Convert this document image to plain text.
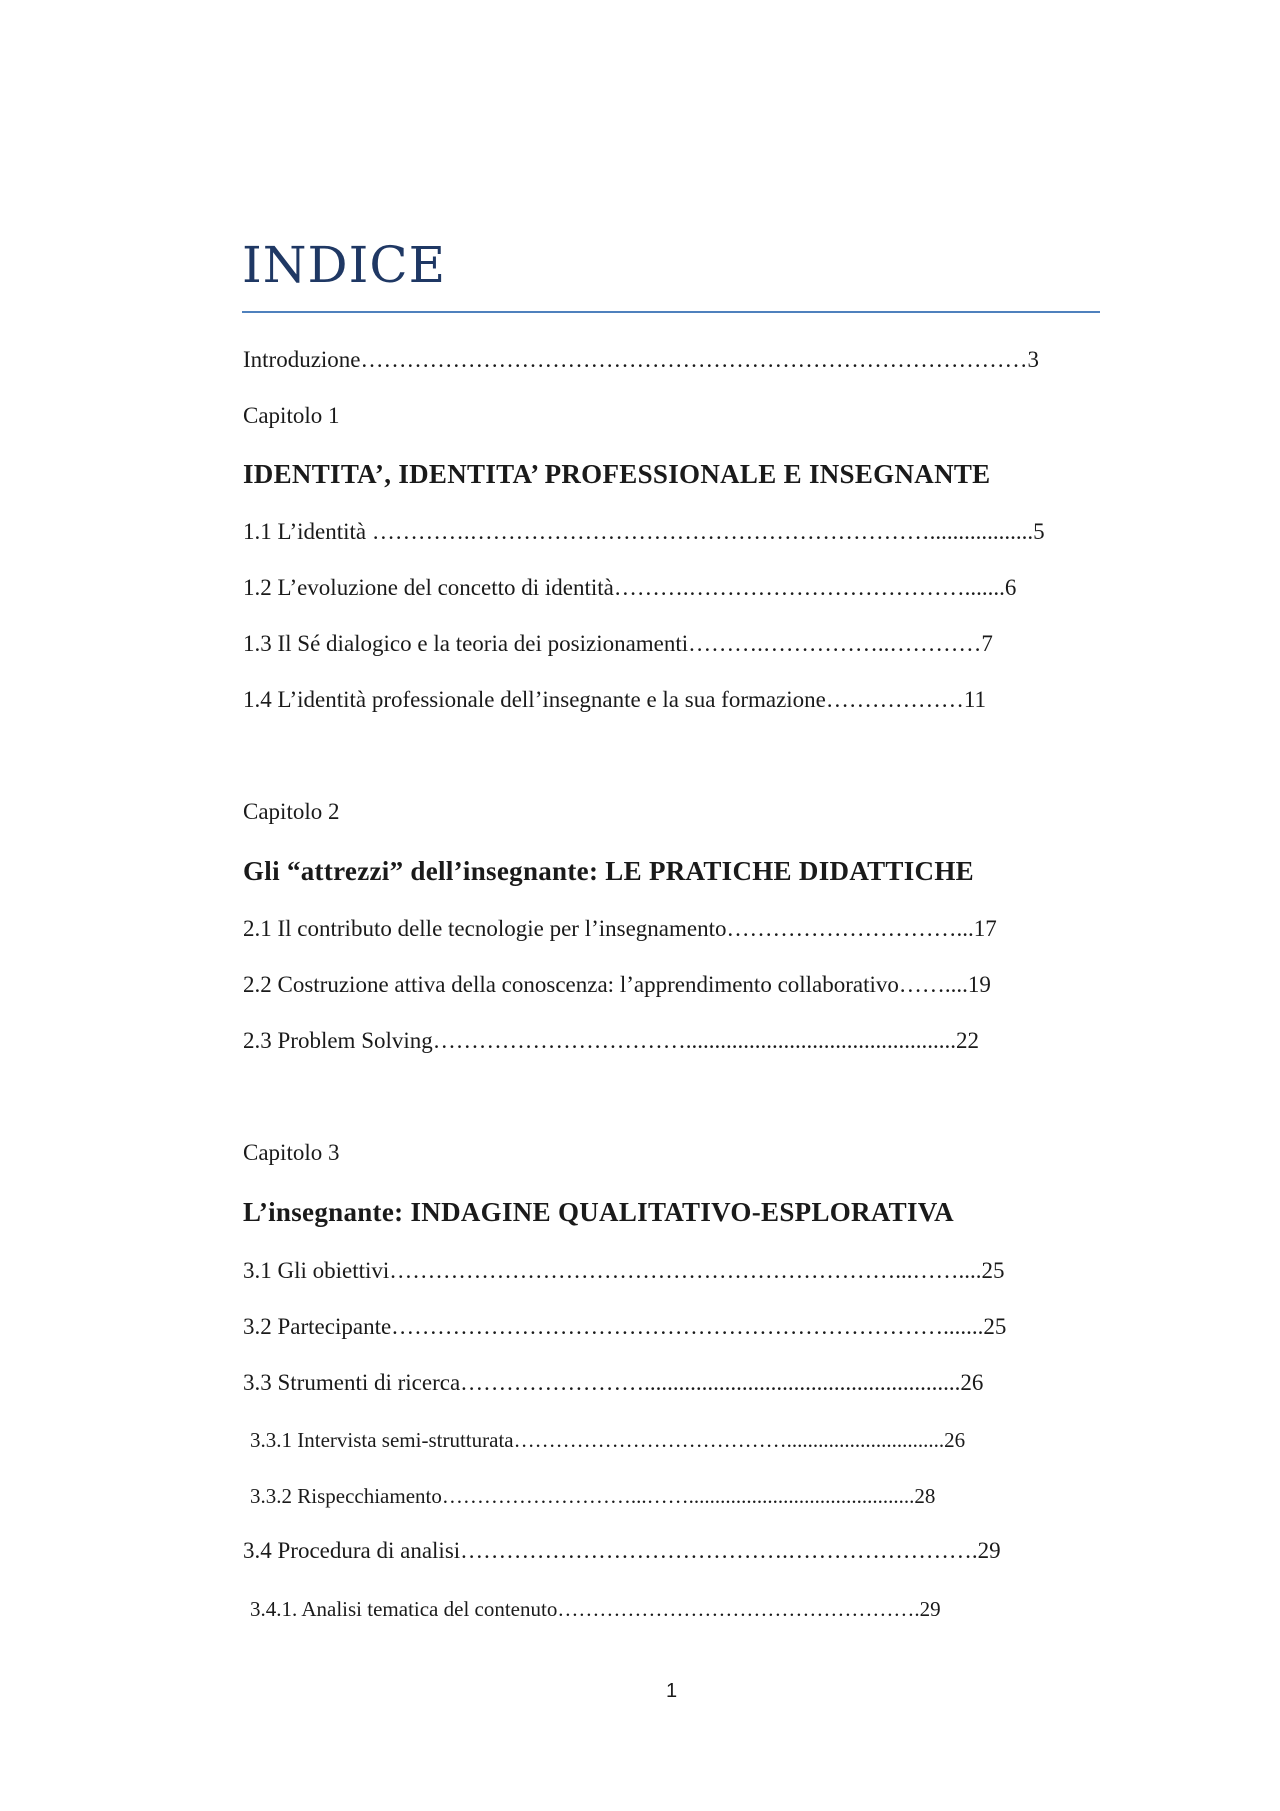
INDICE
Introduzione……………………………………………………………………………3
Capitolo 1
IDENTITA’, IDENTITA’ PROFESSIONALE E INSEGNANTE
1.1 L’identità ………….……………………………………………………..................5
1.2 L’evoluzione del concetto di identità……….……………………………….......6
1.3 Il Sé dialogico e la teoria dei posizionamenti……….……………..…………7
1.4 L’identità professionale dell’insegnante e la sua formazione………………11
Capitolo 2
Gli “attrezzi” dell’insegnante: LE PRATICHE DIDATTICHE
2.1 Il contributo delle tecnologie per l’insegnamento…………………………...17
2.2 Costruzione attiva della conoscenza: l’apprendimento collaborativo……....19
2.3 Problem Solving……………………………...............................................22
Capitolo 3
L’insegnante: INDAGINE QUALITATIVO-ESPLORATIVA
3.1 Gli obiettivi…………………………………………………………...……....25
3.2 Partecipante……………………………………………………………….......25
3.3 Strumenti di ricerca…………………….......................................................26
3.3.1 Intervista semi-strutturata…………………………………..............................26
3.3.2 Rispecchiamento………………………...……...........................................28
3.4 Procedura di analisi…………………………………….…………………….29
3.4.1. Analisi tematica del contenuto…………………………………………….29
1
